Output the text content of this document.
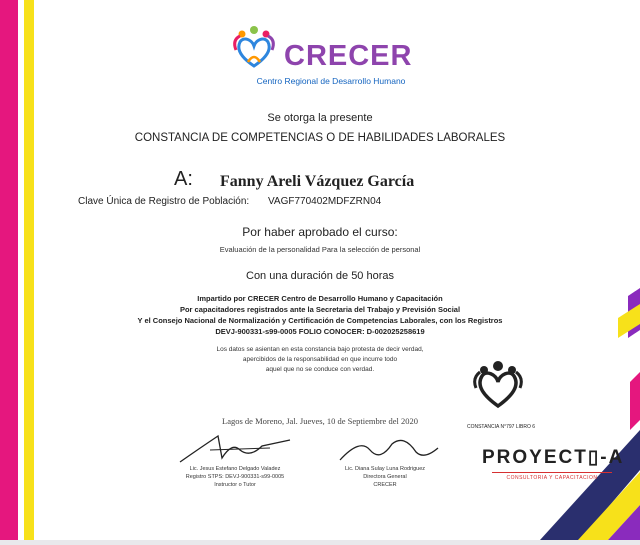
CRECER
Centro Regional de Desarrollo Humano
Se otorga la presente
CONSTANCIA DE COMPETENCIAS O DE HABILIDADES LABORALES
A: Fanny Areli Vázquez García
Clave Única de Registro de Población: VAGF770402MDFZRN04
Por haber aprobado el curso:
Evaluación de la personalidad Para la selección de personal
Con una duración de 50 horas
Impartido por CRECER Centro de Desarrollo Humano y Capacitación
Por capacitadores registrados ante la Secretaria del Trabajo y Previsión Social
Y el Consejo Nacional de Normalización y Certificación de Competencias Laborales, con los Registros
DEVJ-900331-s99-0005 FOLIO CONOCER: D-002025258619
Los datos se asientan en esta constancia bajo protesta de decir verdad,
apercibidos de la responsabilidad en que incurre todo
aquel que no se conduce con verdad.
Lagos de Moreno, Jal. Jueves, 10 de Septiembre del 2020
Lic. Jesus Estefano Delgado Valadez
Registro STPS: DEVJ-900331-s99-0005
Instructor o Tutor
Lic. Diana Sulay Luna Rodriguez
Directora General
CRECER
CONSTANCIA N°797 LIBRO 6
PROYECT▯-A
CONSULTORIA Y CAPACITACION
